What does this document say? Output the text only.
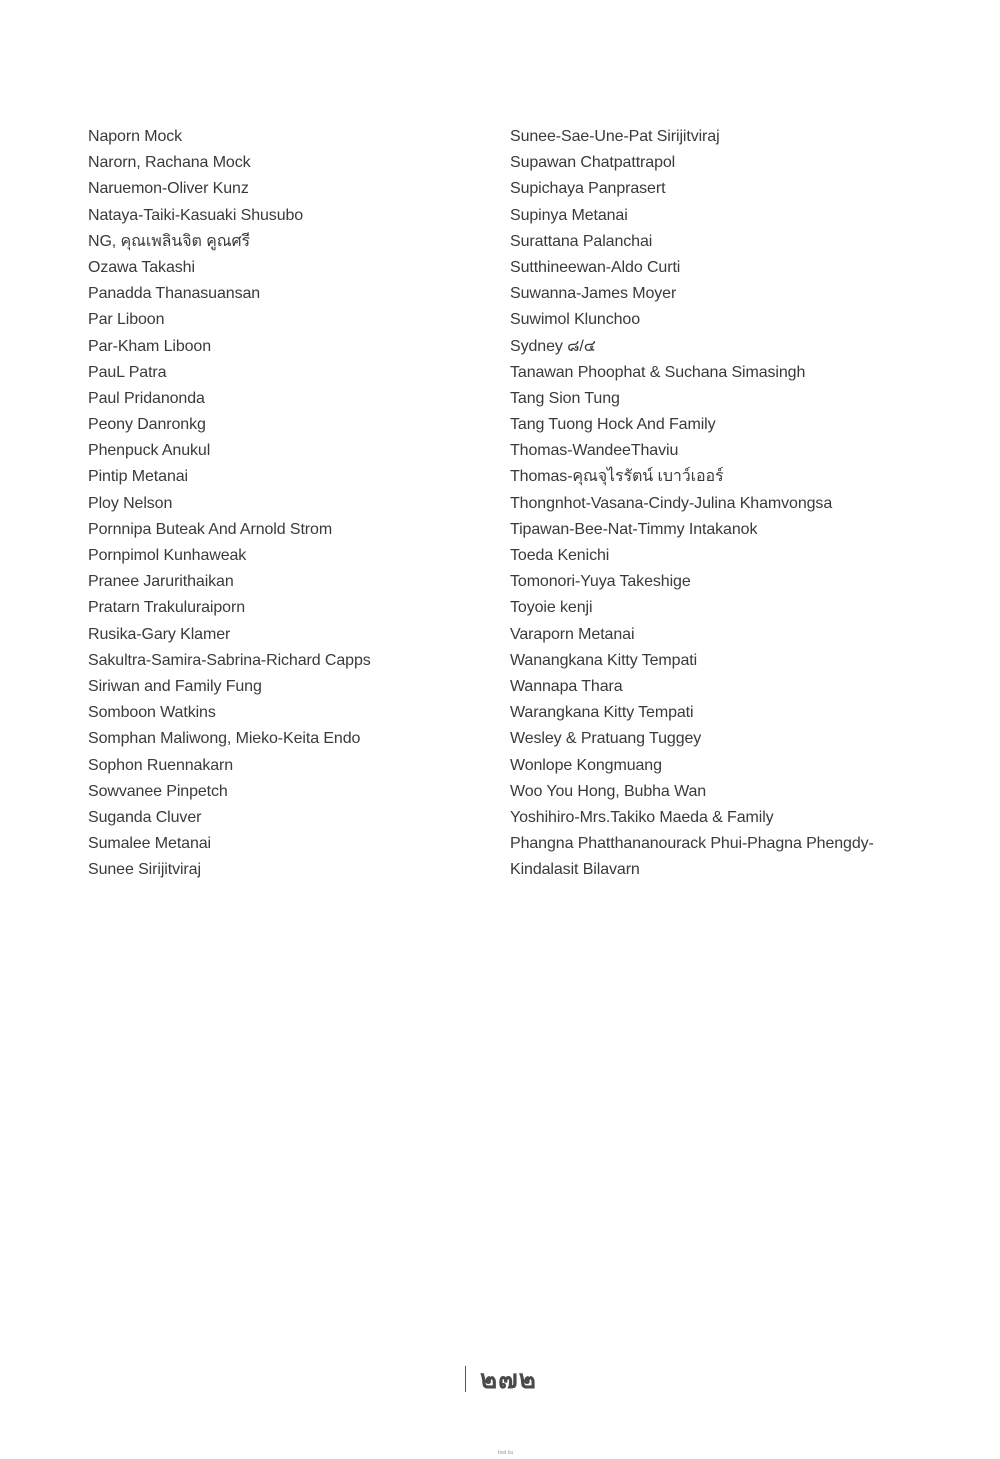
Naporn Mock
Narorn, Rachana Mock
Naruemon-Oliver Kunz
Nataya-Taiki-Kasuaki Shusubo
NG, คุณเพลินจิต คูณศรี
Ozawa Takashi
Panadda Thanasuansan
Par Liboon
Par-Kham Liboon
PauL Patra
Paul Pridanonda
Peony Danronkg
Phenpuck Anukul
Pintip Metanai
Ploy Nelson
Pornnipa Buteak And Arnold Strom
Pornpimol Kunhaweak
Pranee Jarurithaikan
Pratarn Trakuluraiporn
Rusika-Gary Klamer
Sakultra-Samira-Sabrina-Richard Capps
Siriwan and Family Fung
Somboon Watkins
Somphan Maliwong, Mieko-Keita Endo
Sophon Ruennakarn
Sowvanee Pinpetch
Suganda Cluver
Sumalee Metanai
Sunee Sirijitviraj
Sunee-Sae-Une-Pat Sirijitviraj
Supawan Chatpattrapol
Supichaya Panprasert
Supinya Metanai
Surattana Palanchai
Sutthineewan-Aldo Curti
Suwanna-James Moyer
Suwimol Klunchoo
Sydney ๘/๔
Tanawan Phoophat & Suchana Simasingh
Tang Sion Tung
Tang Tuong Hock And Family
Thomas-WandeeThaviu
Thomas-คุณจุไรรัตน์ เบาว์เออร์
Thongnhot-Vasana-Cindy-Julina Khamvongsa
Tipawan-Bee-Nat-Timmy Intakanok
Toeda Kenichi
Tomonori-Yuya Takeshige
Toyoie kenji
Varaporn Metanai
Wanangkana Kitty Tempati
Wannapa Thara
Warangkana Kitty Tempati
Wesley & Pratuang Tuggey
Wonlope Kongmuang
Woo You Hong, Bubha Wan
Yoshihiro-Mrs.Takiko Maeda & Family
Phangna Phatthananourack Phui-Phagna Phengdy-
Kindalasit Bilavarn
๒๗๒
bod bu
